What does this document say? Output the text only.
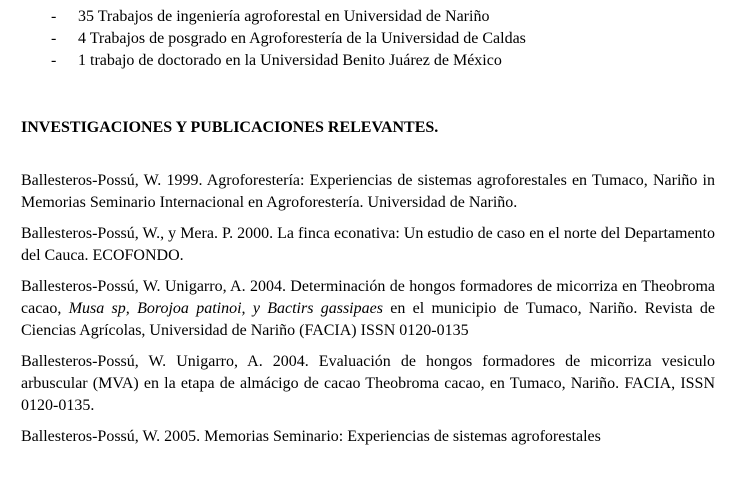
- 35 Trabajos de ingeniería agroforestal en Universidad de Nariño
- 4 Trabajos de posgrado en Agroforestería de la Universidad de Caldas
- 1 trabajo de doctorado en la Universidad Benito Juárez de México
INVESTIGACIONES Y PUBLICACIONES RELEVANTES.

Ballesteros-Possú, W. 1999. Agroforestería: Experiencias de sistemas agroforestales en Tumaco, Nariño in Memorias Seminario Internacional en Agroforestería. Universidad de Nariño.

Ballesteros-Possú, W., y Mera. P. 2000. La finca econativa: Un estudio de caso en el norte del Departamento del Cauca. ECOFONDO.

Ballesteros-Possú, W. Unigarro, A. 2004. Determinación de hongos formadores de micorriza en Theobroma cacao, Musa sp, Borojoa patinoi, y Bactirs gassipaes en el municipio de Tumaco, Nariño. Revista de Ciencias Agrícolas, Universidad de Nariño (FACIA) ISSN 0120-0135

Ballesteros-Possú, W. Unigarro, A. 2004. Evaluación de hongos formadores de micorriza vesiculo arbuscular (MVA) en la etapa de almácigo de cacao Theobroma cacao, en Tumaco, Nariño. FACIA, ISSN 0120-0135.

Ballesteros-Possú, W. 2005. Memorias Seminario: Experiencias de sistemas agroforestales
